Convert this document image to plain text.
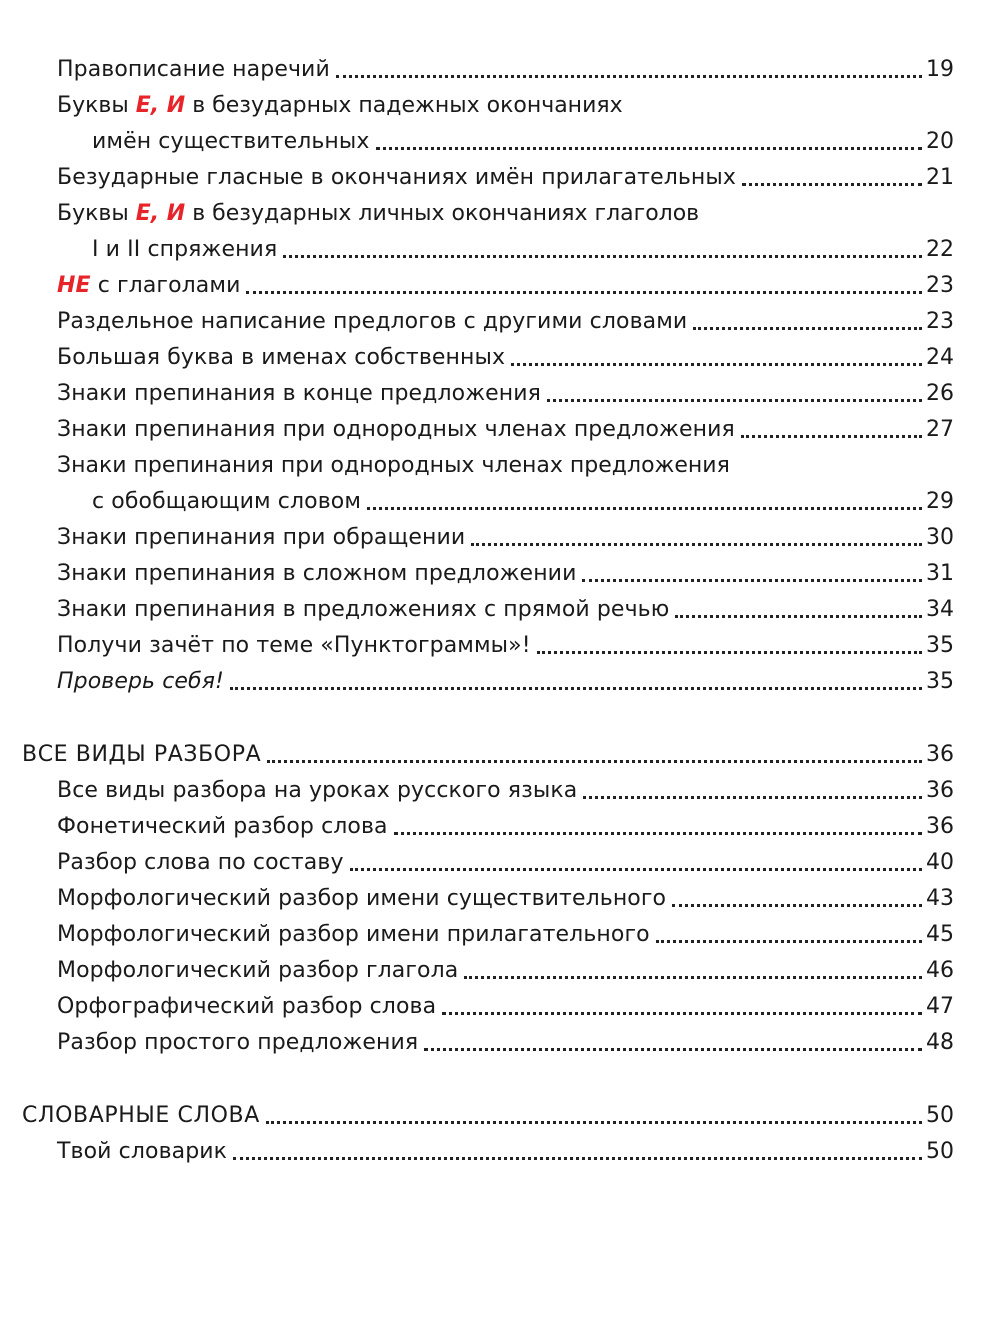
Правописание наречий	19
Буквы Е , И в безударных падежных окончаниях
имён существительных	20
Безударные гласные в окончаниях имён прилагательных	21
Буквы Е , И в безударных личных окончаниях глаголов
I и II спряжения	22
НЕ с глаголами	23
Раздельное написание предлогов с другими словами	23
Большая буква в именах собственных	24
Знаки препинания в конце предложения	26
Знаки препинания при однородных членах предложения	27
Знаки препинания при однородных членах предложения
с обобщающим словом	29
Знаки препинания при обращении	30
Знаки препинания в сложном предложении	31
Знаки препинания в предложениях с прямой речью	34
Получи зачёт по теме «Пунктограммы»!	35
Проверь себя!	35
ВСЕ ВИДЫ РАЗБОРА	36
Все виды разбора на уроках русского языка	36
Фонетический разбор слова	36
Разбор слова по составу	40
Морфологический разбор имени существительного	43
Морфологический разбор имени прилагательного	45
Морфологический разбор глагола	46
Орфографический разбор слова	47
Разбор простого предложения	48
СЛОВАРНЫЕ СЛОВА	50
Твой словарик	50
